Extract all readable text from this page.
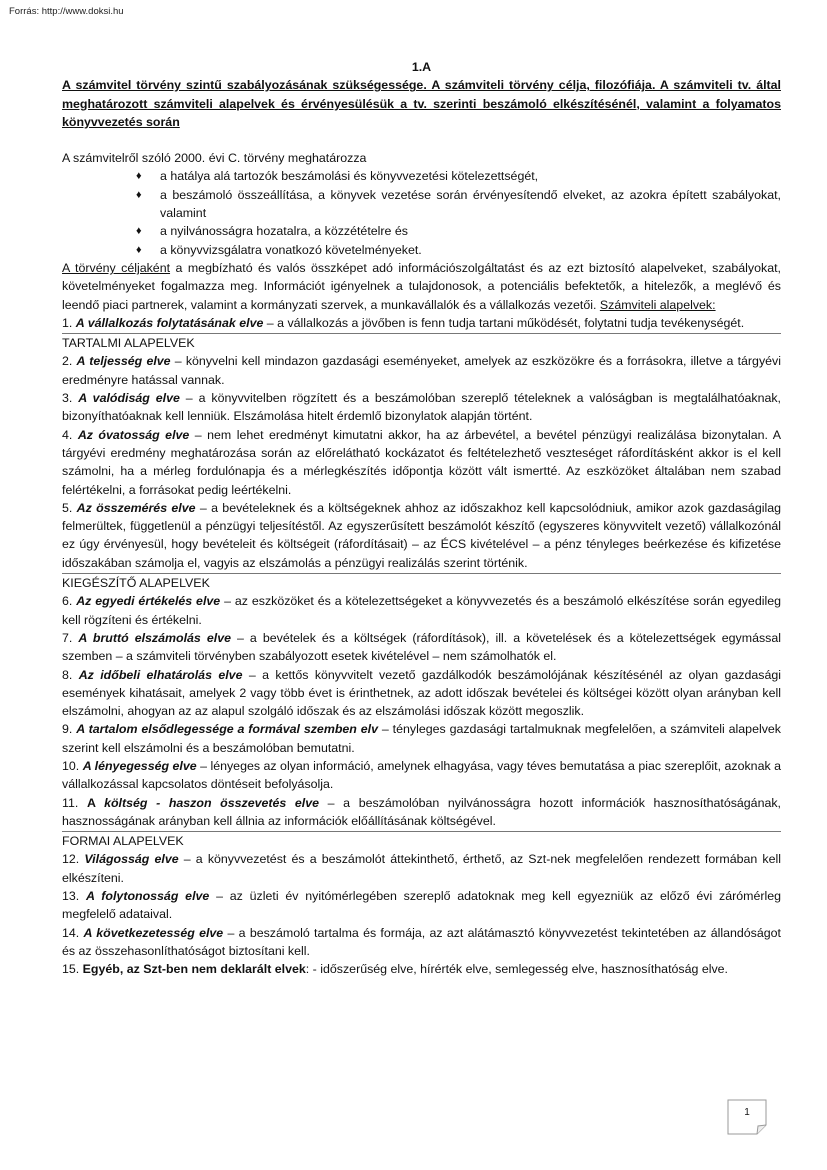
Forrás: http://www.doksi.hu

1.A

A számvitel törvény szintű szabályozásának szükségessége. A számviteli törvény célja, filozófiája. A számviteli tv. által meghatározott számviteli alapelvek és érvényesülésük a tv. szerinti beszámoló elkészítésénél, valamint a folyamatos könyvvezetés során

A számvitelről szóló 2000. évi C. törvény meghatározza

♦ a hatálya alá tartozók beszámolási és könyvvezetési kötelezettségét,
♦ a beszámoló összeállítása, a könyvek vezetése során érvényesítendő elveket, az azokra épített szabályokat, valamint
♦ a nyilvánosságra hozatalra, a közzétételre és
♦ a könyvvizsgálatra vonatkozó követelményeket.

A törvény céljaként a megbízható és valós összképet adó információszolgáltatást és az ezt biztosító alapelveket, szabályokat, követelményeket fogalmazza meg. Információt igényelnek a tulajdonosok, a potenciális befektetők, a hitelezők, a meglévő és leendő piaci partnerek, valamint a kormányzati szervek, a munkavállalók és a vállalkozás vezetői. Számviteli alapelvek:

1. A vállalkozás folytatásának elve – a vállalkozás a jövőben is fenn tudja tartani működését, folytatni tudja tevékenységét.

TARTALMI ALAPELVEK

2. A teljesség elve – könyvelni kell mindazon gazdasági eseményeket, amelyek az eszközökre és a forrásokra, illetve a tárgyévi eredményre hatással vannak.

3. A valódiság elve – a könyvvitelben rögzített és a beszámolóban szereplő tételeknek a valóságban is megtalálhatóaknak, bizonyíthatóaknak kell lenniük. Elszámolása hitelt érdemlő bizonylatok alapján történt.

4. Az óvatosság elve – nem lehet eredményt kimutatni akkor, ha az árbevétel, a bevétel pénzügyi realizálása bizonytalan. A tárgyévi eredmény meghatározása során az előrelátható kockázatot és feltételezhető veszteséget ráfordításként akkor is el kell számolni, ha a mérleg fordulónapja és a mérlegkészítés időpontja között vált ismertté. Az eszközöket általában nem szabad felértékelni, a forrásokat pedig leértékelni.

5. Az összemérés elve – a bevételeknek és a költségeknek ahhoz az időszakhoz kell kapcsolódniuk, amikor azok gazdaságilag felmerültek, függetlenül a pénzügyi teljesítéstől. Az egyszerűsített beszámolót készítő (egyszeres könyvvitelt vezető) vállalkozónál ez úgy érvényesül, hogy bevételeit és költségeit (ráfordításait) – az ÉCS kivételével – a pénz tényleges beérkezése és kifizetése időszakában számolja el, vagyis az elszámolás a pénzügyi realizálás szerint történik.

KIEGÉSZÍTŐ ALAPELVEK

6. Az egyedi értékelés elve – az eszközöket és a kötelezettségeket a könyvvezetés és a beszámoló elkészítése során egyedileg kell rögzíteni és értékelni.

7. A bruttó elszámolás elve – a bevételek és a költségek (ráfordítások), ill. a követelések és a kötelezettségek egymással szemben – a számviteli törvényben szabályozott esetek kivételével – nem számolhatók el.

8. Az időbeli elhatárolás elve – a kettős könyvvitelt vezető gazdálkodók beszámolójának készítésénél az olyan gazdasági események kihatásait, amelyek 2 vagy több évet is érinthetnek, az adott időszak bevételei és költségei között olyan arányban kell elszámolni, ahogyan az az alapul szolgáló időszak és az elszámolási időszak között megoszlik.

9. A tartalom elsődlegessége a formával szemben elv – tényleges gazdasági tartalmuknak megfelelően, a számviteli alapelvek szerint kell elszámolni és a beszámolóban bemutatni.

10. A lényegesség elve – lényeges az olyan információ, amelynek elhagyása, vagy téves bemutatása a piac szereplőit, azoknak a vállalkozással kapcsolatos döntéseit befolyásolja.

11. A költség - haszon összevetés elve – a beszámolóban nyilvánosságra hozott információk hasznosíthatóságának, hasznosságának arányban kell állnia az információk előállításának költségével.

FORMAI ALAPELVEK

12. Világosság elve – a könyvvezetést és a beszámolót áttekinthető, érthető, az Szt-nek megfelelően rendezett formában kell elkészíteni.

13. A folytonosság elve – az üzleti év nyitómérlegében szereplő adatoknak meg kell egyezniük az előző évi zárómérleg megfelelő adataival.

14. A következetesség elve – a beszámoló tartalma és formája, az azt alátámasztó könyvvezetést tekintetében az állandóságot és az összehasonlíthatóságot biztosítani kell.

15. Egyéb, az Szt-ben nem deklarált elvek: - időszerűség elve, hírérték elve, semlegesség elve, hasznosíthatóság elve.

1
